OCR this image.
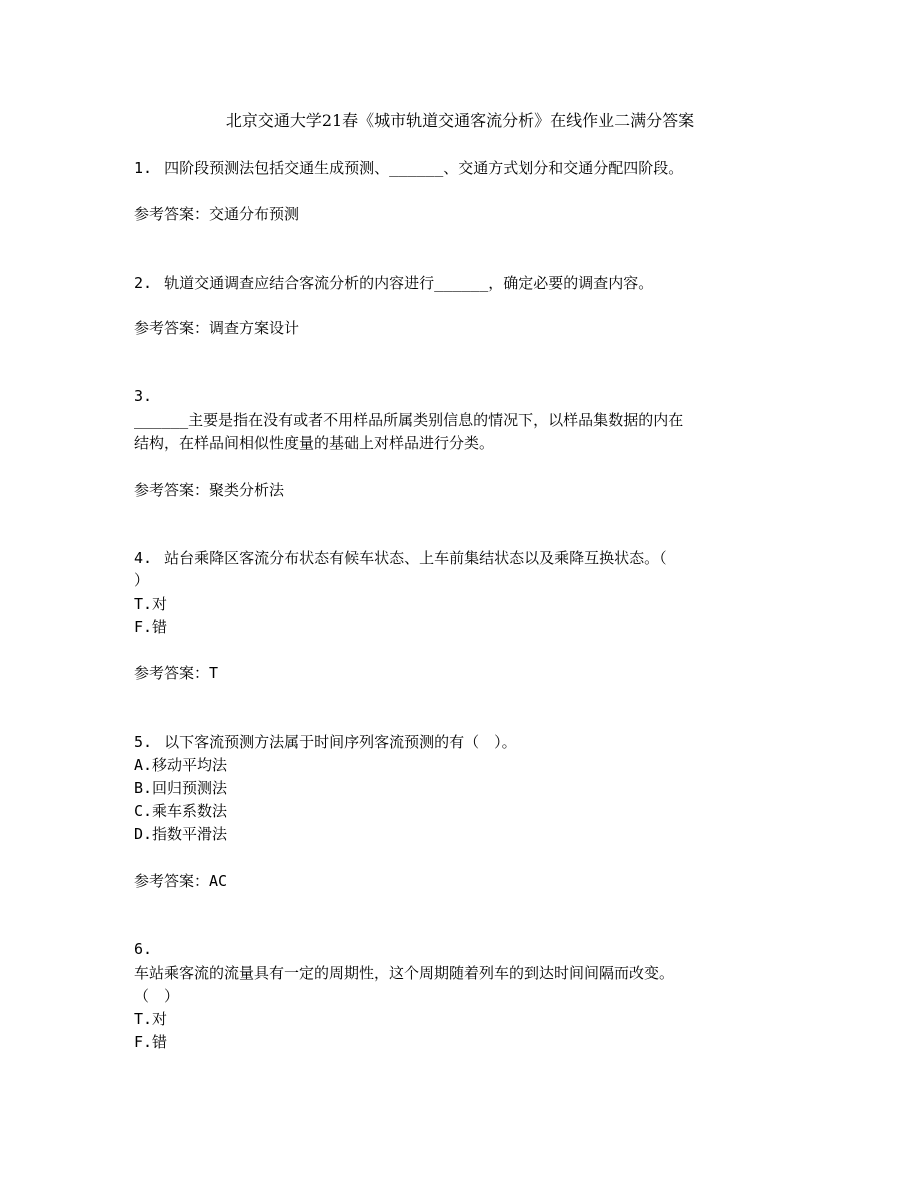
北京交通大学21春《城市轨道交通客流分析》在线作业二满分答案
1. 四阶段预测法包括交通生成预测、______、交通方式划分和交通分配四阶段。
参考答案：交通分布预测
2. 轨道交通调查应结合客流分析的内容进行______，确定必要的调查内容。
参考答案：调查方案设计
3.
______主要是指在没有或者不用样品所属类别信息的情况下，以样品集数据的内在
结构，在样品间相似性度量的基础上对样品进行分类。
参考答案：聚类分析法
4. 站台乘降区客流分布状态有候车状态、上车前集结状态以及乘降互换状态。（
）
T.对
F.错
参考答案：T
5. 以下客流预测方法属于时间序列客流预测的有（　）。
A.移动平均法
B.回归预测法
C.乘车系数法
D.指数平滑法
参考答案：AC
6.
车站乘客流的流量具有一定的周期性，这个周期随着列车的到达时间间隔而改变。
（　）
T.对
F.错
